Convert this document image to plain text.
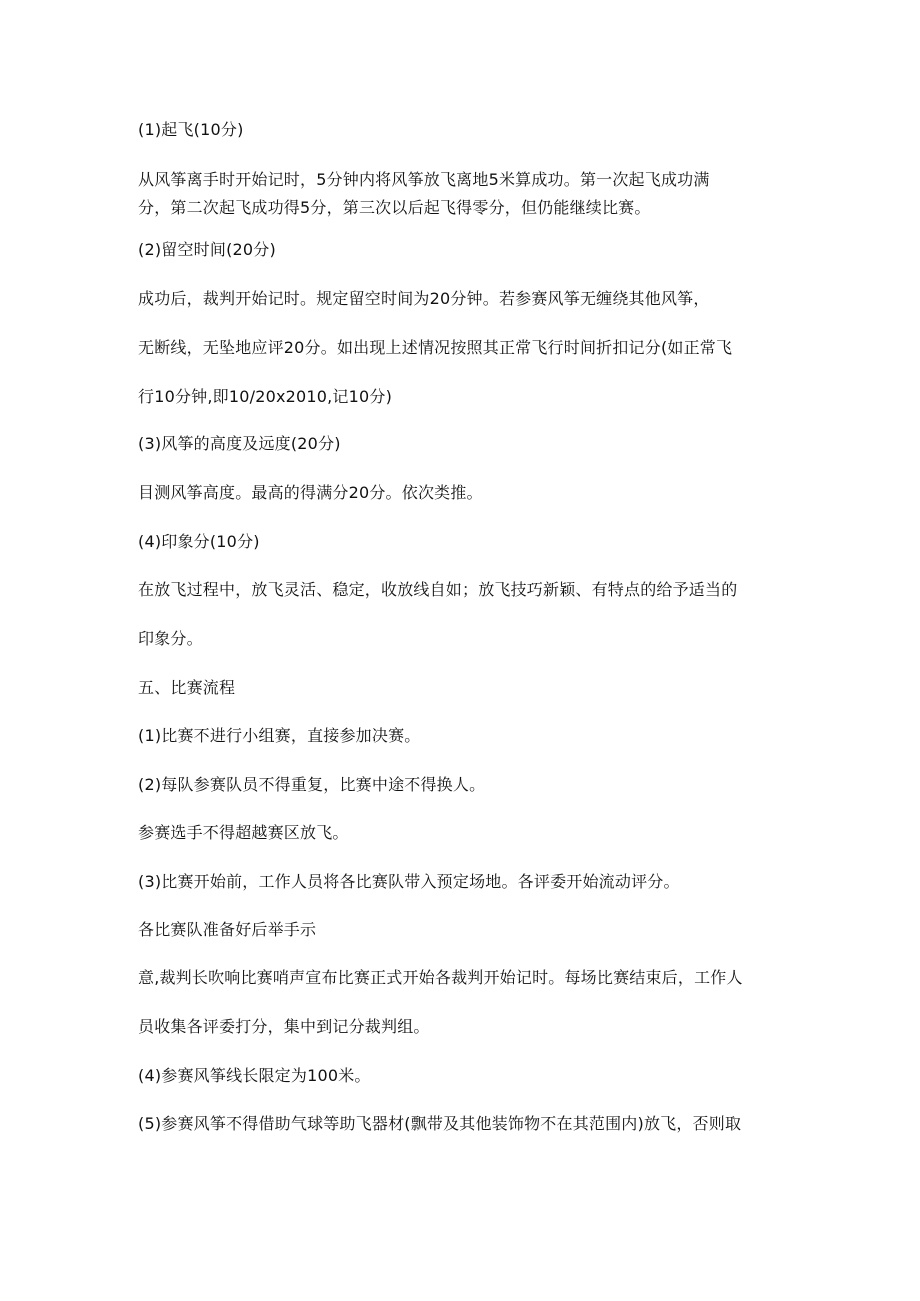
(1)起飞(10分)
从风筝离手时开始记时，5分钟内将风筝放飞离地5米算成功。第一次起飞成功满
分，第二次起飞成功得5分，第三次以后起飞得零分，但仍能继续比赛。
(2)留空时间(20分)
成功后，裁判开始记时。规定留空时间为20分钟。若参赛风筝无缠绕其他风筝，
无断线，无坠地应评20分。如出现上述情况按照其正常飞行时间折扣记分(如正常飞
行10分钟,即10/20x2010,记10分)
(3)风筝的高度及远度(20分)
目测风筝高度。最高的得满分20分。依次类推。
(4)印象分(10分)
在放飞过程中，放飞灵活、稳定，收放线自如；放飞技巧新颖、有特点的给予适当的
印象分。
五、比赛流程
(1)比赛不进行小组赛，直接参加决赛。
(2)每队参赛队员不得重复，比赛中途不得换人。
参赛选手不得超越赛区放飞。
(3)比赛开始前，工作人员将各比赛队带入预定场地。各评委开始流动评分。
各比赛队准备好后举手示
意,裁判长吹响比赛哨声宣布比赛正式开始各裁判开始记时。每场比赛结束后，工作人
员收集各评委打分，集中到记分裁判组。
(4)参赛风筝线长限定为100米。
(5)参赛风筝不得借助气球等助飞器材(飘带及其他装饰物不在其范围内)放飞，否则取
